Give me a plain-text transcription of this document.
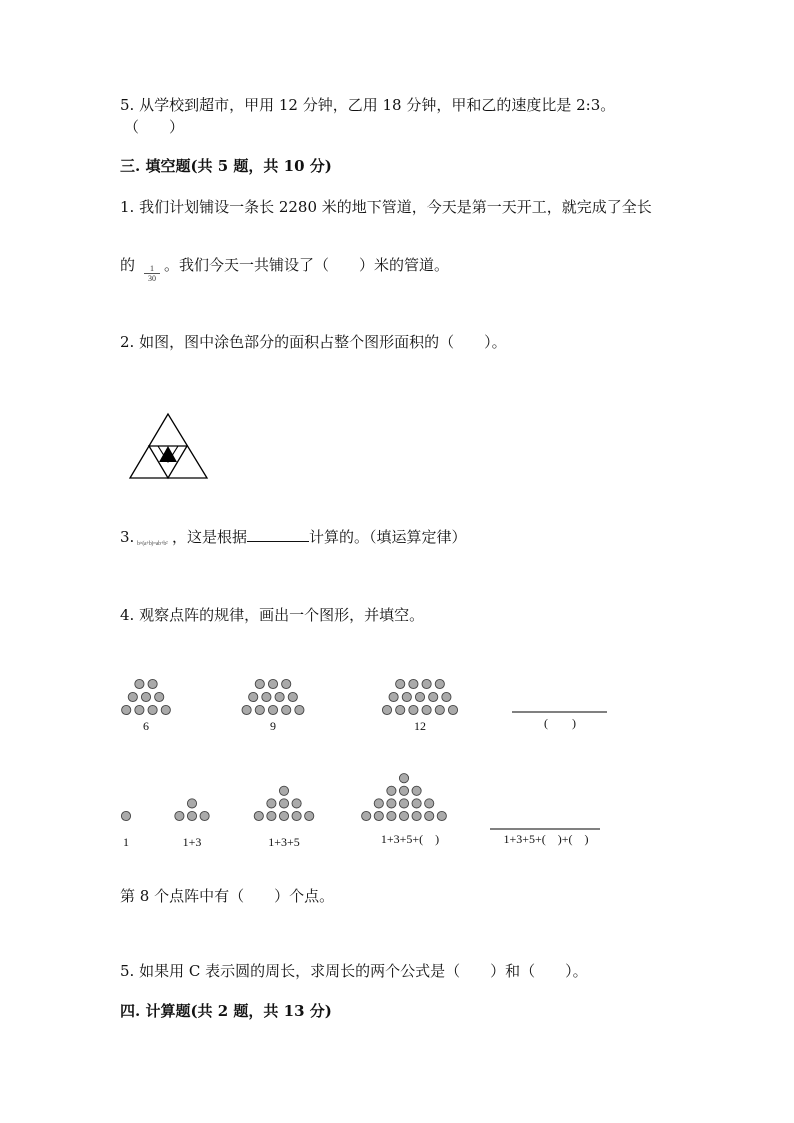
5. 从学校到超市，甲用 12 分钟，乙用 18 分钟，甲和乙的速度比是 2:3。
（　　）
三. 填空题(共 5 题，共 10 分)
1. 我们计划铺设一条长 2280 米的地下管道，今天是第一天开工，就完成了全长
的 $\frac{1}{30}$ 。我们今天一共铺设了（　　）米的管道。
2. 如图，图中涂色部分的面积占整个图形面积的（　　）。
3. b×(a+b)=ab+b² ，这是根据	计算的。（填运算定律）
4. 观察点阵的规律，画出一个图形，并填空。
第 8 个点阵中有（　　）个点。
5. 如果用 C 表示圆的周长，求周长的两个公式是（　　）和（　　）。
四. 计算题(共 2 题，共 13 分)
6	9	12	(　　)
1	1+3	1+3+5	1+3+5+(　)	1+3+5+(　)+(　)
